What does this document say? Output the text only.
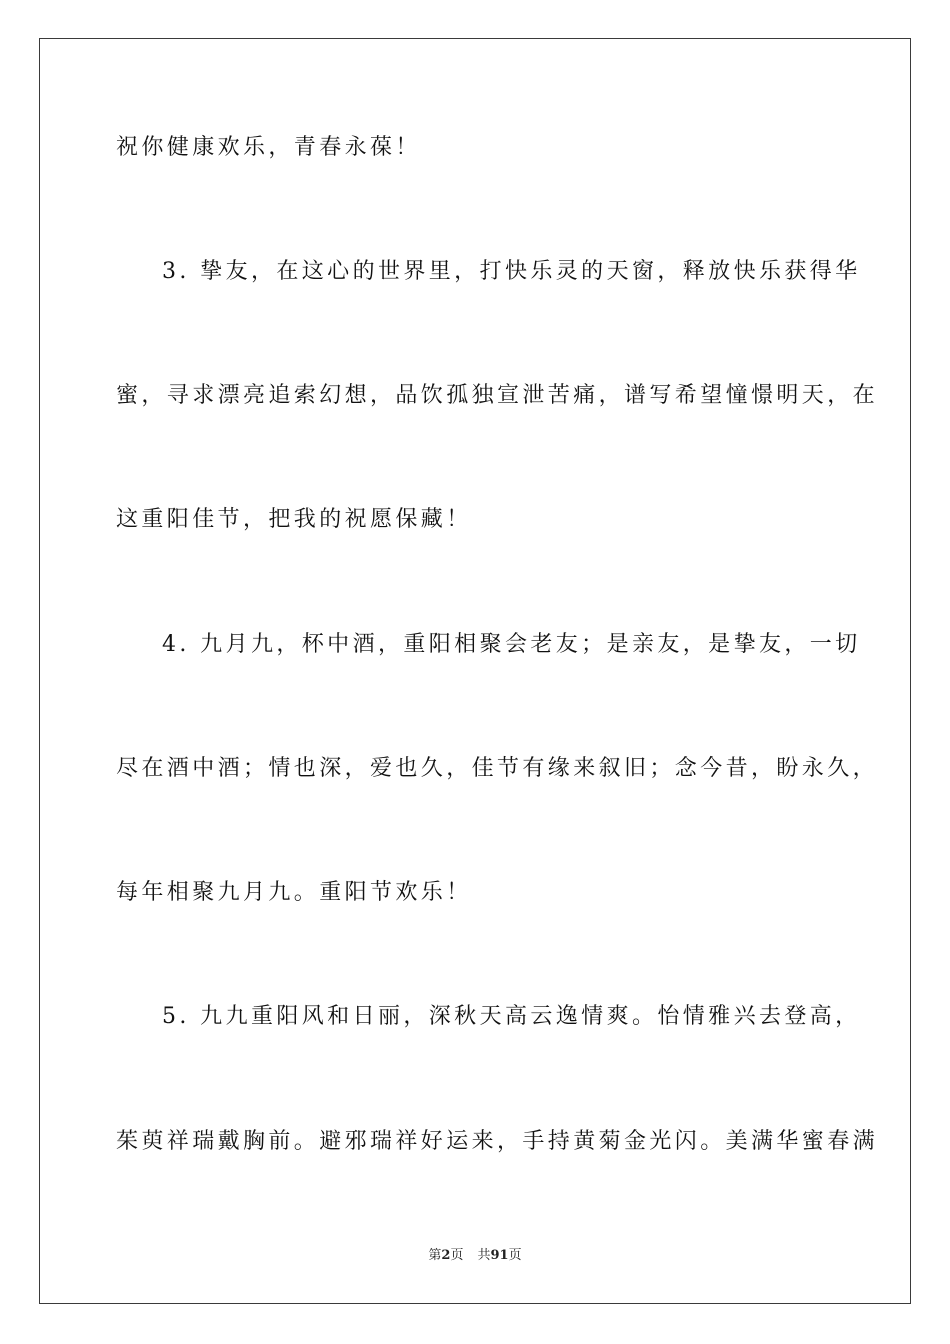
祝你健康欢乐，青春永葆！
3. 挚友，在这心的世界里，打快乐灵的天窗，释放快乐获得华
蜜，寻求漂亮追索幻想，品饮孤独宣泄苦痛，谱写希望憧憬明天，在
这重阳佳节，把我的祝愿保藏！
4. 九月九，杯中酒，重阳相聚会老友；是亲友，是挚友，一切
尽在酒中酒；情也深，爱也久，佳节有缘来叙旧；念今昔，盼永久，
每年相聚九月九。重阳节欢乐！
5. 九九重阳风和日丽，深秋天高云逸情爽。怡情雅兴去登高，
茱萸祥瑞戴胸前。避邪瑞祥好运来，手持黄菊金光闪。美满华蜜春满
第2页 共91页
